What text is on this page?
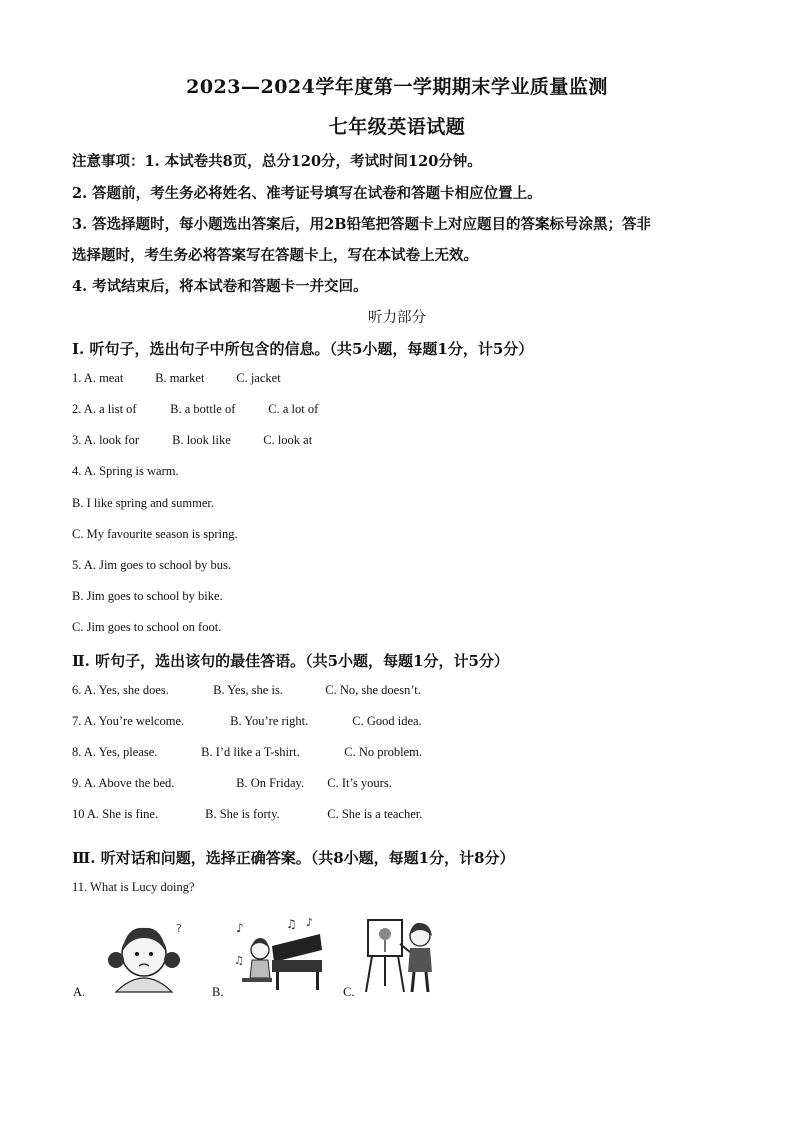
2023—2024学年度第一学期期末学业质量监测
七年级英语试题
注意事项：1. 本试卷共8页，总分120分，考试时间120分钟。
2. 答题前，考生务必将姓名、准考证号填写在试卷和答题卡相应位置上。
3. 答选择题时，每小题选出答案后，用2B铅笔把答题卡上对应题目的答案标号涂黑；答非
选择题时，考生务必将答案写在答题卡上，写在本试卷上无效。
4. 考试结束后，将本试卷和答题卡一并交回。
听力部分
I. 听句子，选出句子中所包含的信息。（共5小题，每题1分，计5分）
1. A. meat	B. market	C. jacket
2. A. a list of	B. a bottle of	C. a lot of
3. A. look for	B. look like	C. look at
4. A. Spring is warm.
B. I like spring and summer.
C. My favourite season is spring.
5. A. Jim goes to school by bus.
B. Jim goes to school by bike.
C. Jim goes to school on foot.
Ⅱ. 听句子，选出该句的最佳答语。（共5小题，每题1分，计5分）
6. A. Yes, she does.	B. Yes, she is.	C. No, she doesn’t.
7. A. You’re welcome.	B. You’re right.	C. Good idea.
8. A. Yes, please.	B. I’d like a T-shirt.	C. No problem.
9. A. Above the bed.	B. On Friday. C. It’s yours.
10 A. She is fine.	B. She is forty.	C. She is a teacher.
Ⅲ. 听对话和问题，选择正确答案。（共8小题，每题1分，计8分）
11. What is Lucy doing?
A.
?
B.
♪	♫ ♪
♫
C.
